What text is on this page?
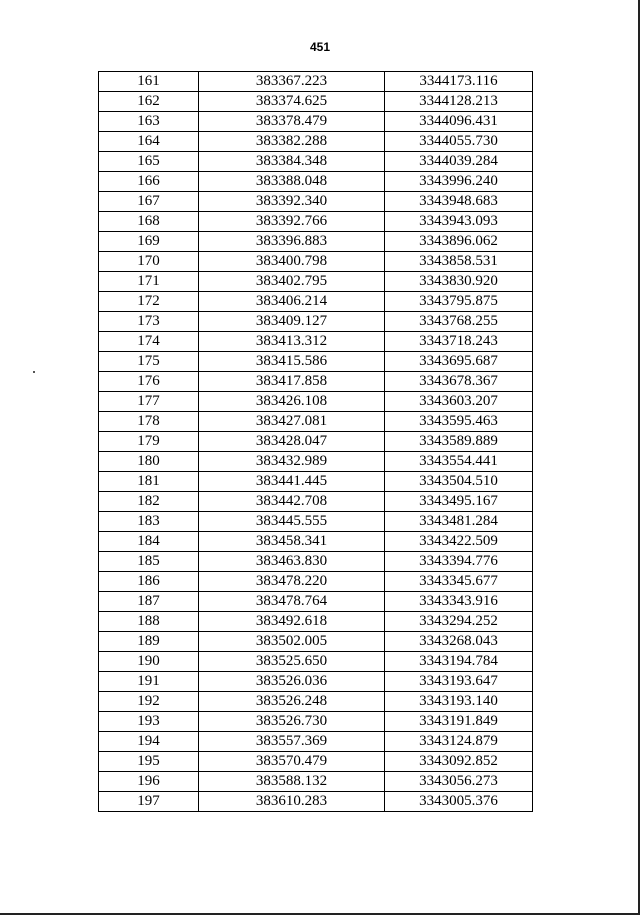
451
161	383367.223	3344173.116
162	383374.625	3344128.213
163	383378.479	3344096.431
164	383382.288	3344055.730
165	383384.348	3344039.284
166	383388.048	3343996.240
167	383392.340	3343948.683
168	383392.766	3343943.093
169	383396.883	3343896.062
170	383400.798	3343858.531
171	383402.795	3343830.920
172	383406.214	3343795.875
173	383409.127	3343768.255
174	383413.312	3343718.243
175	383415.586	3343695.687
176	383417.858	3343678.367
177	383426.108	3343603.207
178	383427.081	3343595.463
179	383428.047	3343589.889
180	383432.989	3343554.441
181	383441.445	3343504.510
182	383442.708	3343495.167
183	383445.555	3343481.284
184	383458.341	3343422.509
185	383463.830	3343394.776
186	383478.220	3343345.677
187	383478.764	3343343.916
188	383492.618	3343294.252
189	383502.005	3343268.043
190	383525.650	3343194.784
191	383526.036	3343193.647
192	383526.248	3343193.140
193	383526.730	3343191.849
194	383557.369	3343124.879
195	383570.479	3343092.852
196	383588.132	3343056.273
197	383610.283	3343005.376
